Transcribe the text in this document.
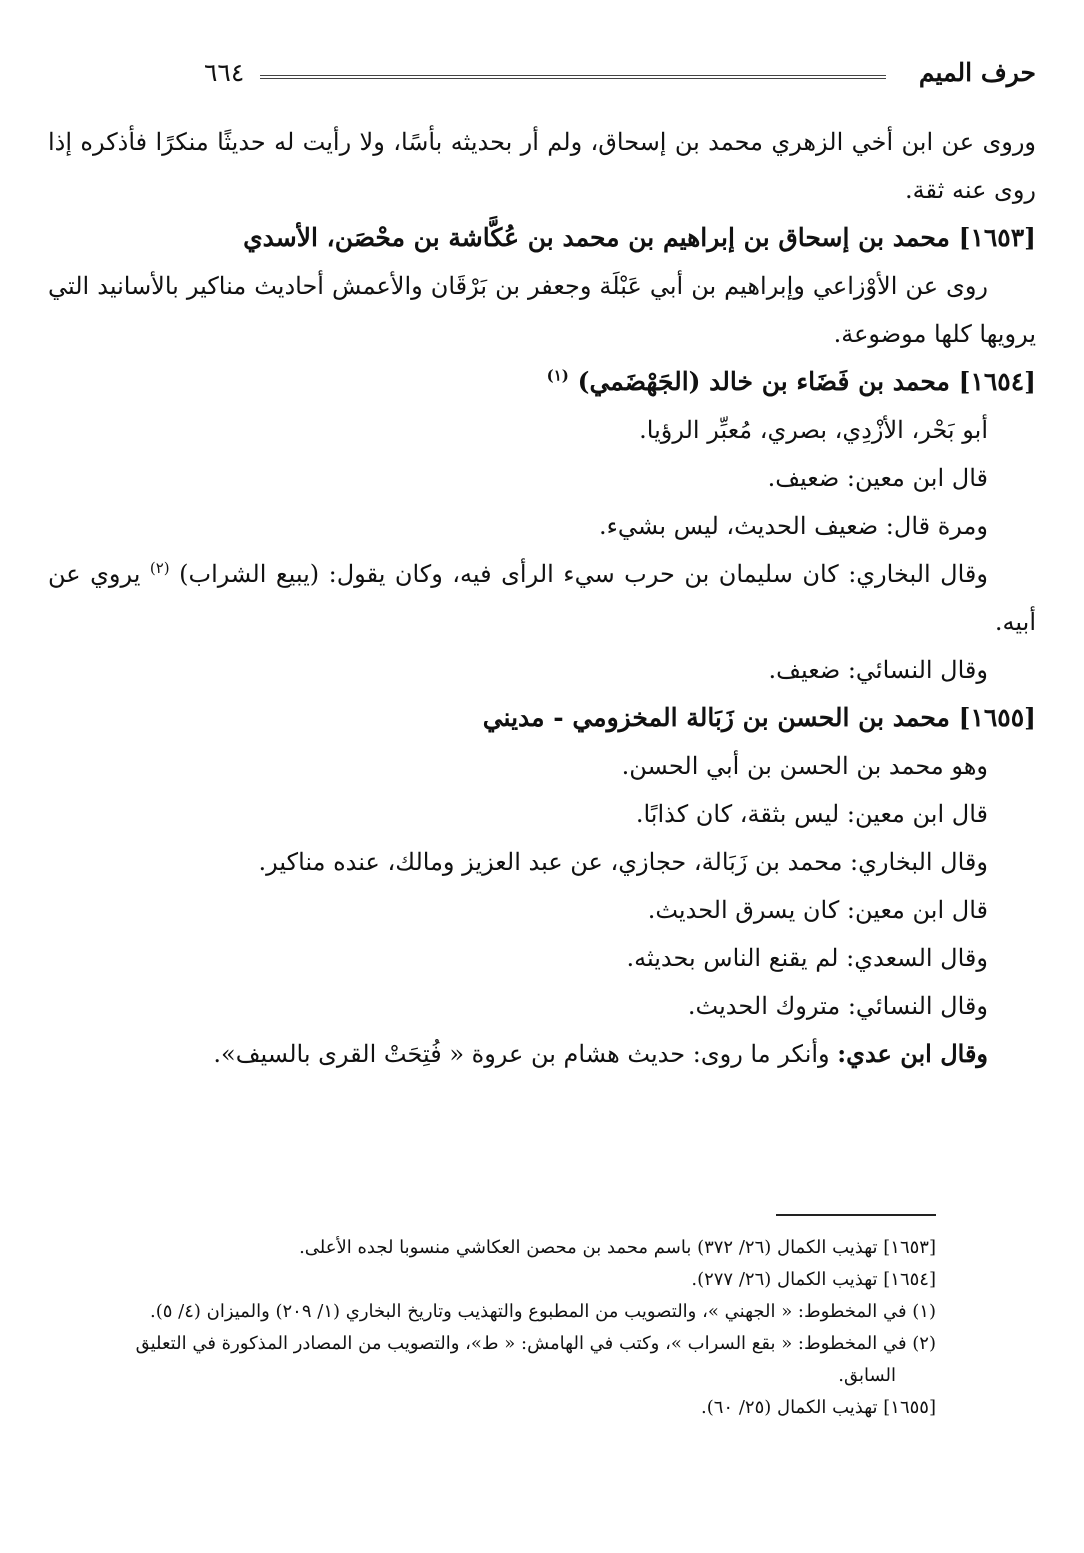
حرف الميم
٦٦٤

وروى عن ابن أخي الزهري محمد بن إسحاق، ولم أر بحديثه بأسًا، ولا رأيت له حديثًا منكرًا فأذكره إذا روى عنه ثقة.

[١٦٥٣] محمد بن إسحاق بن إبراهيم بن محمد بن عُكَّاشة بن محْصَن، الأسدي

روى عن الأوْزاعي وإبراهيم بن أبي عَبْلَة وجعفر بن بَرْقَان والأعمش أحاديث مناكير بالأسانيد التي يرويها كلها موضوعة.

[١٦٥٤] محمد بن فَضَاء بن خالد (الجَهْضَمي) $^{(١)}$

أبو بَحْر، الأزْدِي، بصري، مُعبِّر الرؤيا.

قال ابن معين: ضعيف.

ومرة قال: ضعيف الحديث، ليس بشيء.

وقال البخاري: كان سليمان بن حرب سيء الرأى فيه، وكان يقول: (يبيع الشراب) $^{(٢)}$ يروي عن أبيه.

وقال النسائي: ضعيف.

[١٦٥٥] محمد بن الحسن بن زَبَالة المخزومي - مديني

وهو محمد بن الحسن بن أبي الحسن.

قال ابن معين: ليس بثقة، كان كذابًا.

وقال البخاري: محمد بن زَبَالة، حجازي، عن عبد العزيز ومالك، عنده مناكير.

قال ابن معين: كان يسرق الحديث.

وقال السعدي: لم يقنع الناس بحديثه.

وقال النسائي: متروك الحديث.

وقال ابن عدي: وأنكر ما روى: حديث هشام بن عروة « فُتِحَتْ القرى بالسيف».

[١٦٥٣] تهذيب الكمال (٢٦/ ٣٧٢) باسم محمد بن محصن العكاشي منسوبا لجده الأعلى.

[١٦٥٤] تهذيب الكمال (٢٦/ ٢٧٧).

(١) في المخطوط: « الجهني »، والتصويب من المطبوع والتهذيب وتاريخ البخاري (١/ ٢٠٩) والميزان (٤/ ٥).

(٢) في المخطوط: « بقع السراب »، وكتب في الهامش: « ط»، والتصويب من المصادر المذكورة في التعليق

السابق.

[١٦٥٥] تهذيب الكمال (٢٥/ ٦٠).
